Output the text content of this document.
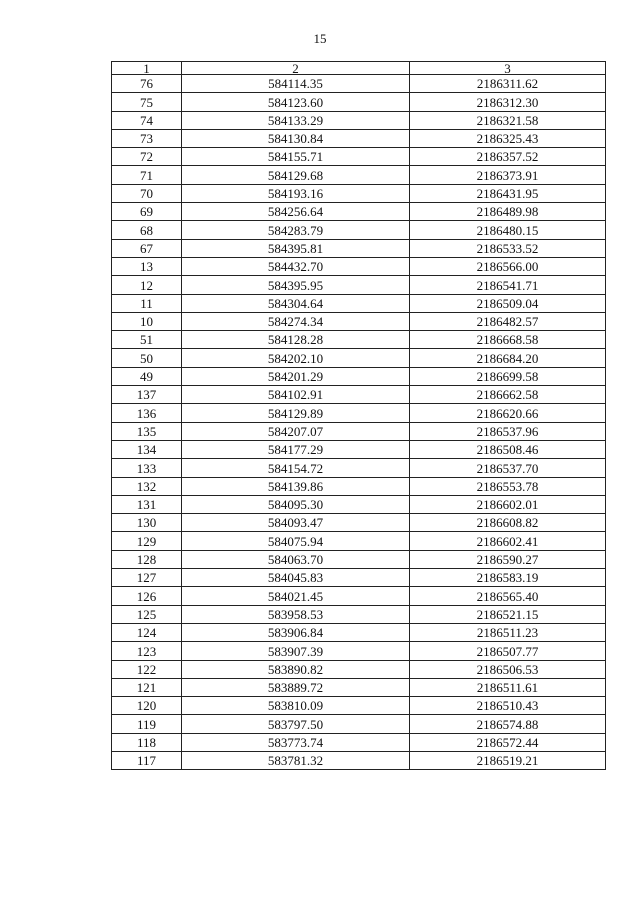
15
1	2	3
76	584114.35	2186311.62
75	584123.60	2186312.30
74	584133.29	2186321.58
73	584130.84	2186325.43
72	584155.71	2186357.52
71	584129.68	2186373.91
70	584193.16	2186431.95
69	584256.64	2186489.98
68	584283.79	2186480.15
67	584395.81	2186533.52
13	584432.70	2186566.00
12	584395.95	2186541.71
11	584304.64	2186509.04
10	584274.34	2186482.57
51	584128.28	2186668.58
50	584202.10	2186684.20
49	584201.29	2186699.58
137	584102.91	2186662.58
136	584129.89	2186620.66
135	584207.07	2186537.96
134	584177.29	2186508.46
133	584154.72	2186537.70
132	584139.86	2186553.78
131	584095.30	2186602.01
130	584093.47	2186608.82
129	584075.94	2186602.41
128	584063.70	2186590.27
127	584045.83	2186583.19
126	584021.45	2186565.40
125	583958.53	2186521.15
124	583906.84	2186511.23
123	583907.39	2186507.77
122	583890.82	2186506.53
121	583889.72	2186511.61
120	583810.09	2186510.43
119	583797.50	2186574.88
118	583773.74	2186572.44
117	583781.32	2186519.21
